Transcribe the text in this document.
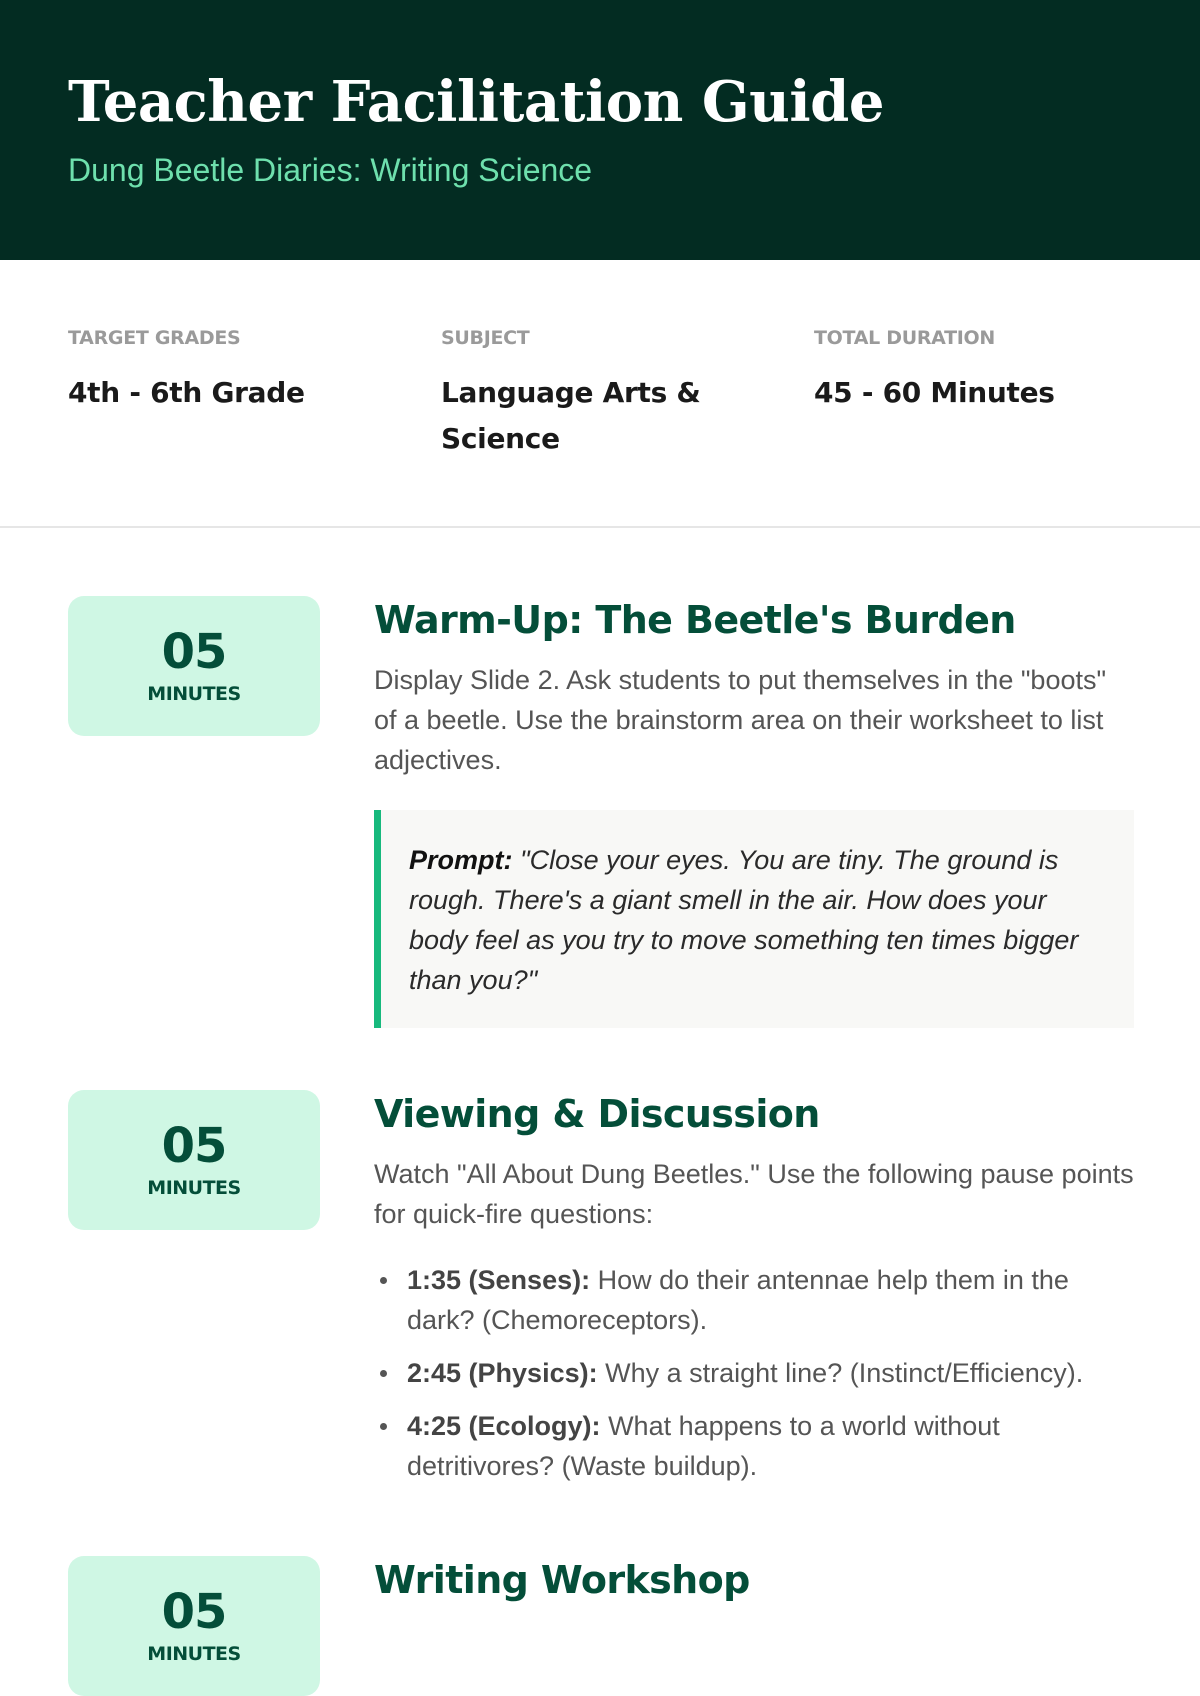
Teacher Facilitation Guide
Dung Beetle Diaries: Writing Science
TARGET GRADES
4th - 6th Grade
SUBJECT
Language Arts & Science
TOTAL DURATION
45 - 60 Minutes
05
MINUTES
Warm-Up: The Beetle's Burden

Display Slide 2. Ask students to put themselves in the "boots" of a beetle. Use the brainstorm area on their worksheet to list adjectives.

Prompt: "Close your eyes. You are tiny. The ground is rough. There's a giant smell in the air. How does your body feel as you try to move something ten times bigger than you?"
05
MINUTES
Viewing & Discussion

Watch "All About Dung Beetles." Use the following pause points for quick-fire questions:

1:35 (Senses): How do their antennae help them in the dark? (Chemoreceptors).
2:45 (Physics): Why a straight line? (Instinct/Efficiency).
4:25 (Ecology): What happens to a world without detritivores? (Waste buildup).
05
MINUTES
Writing Workshop
